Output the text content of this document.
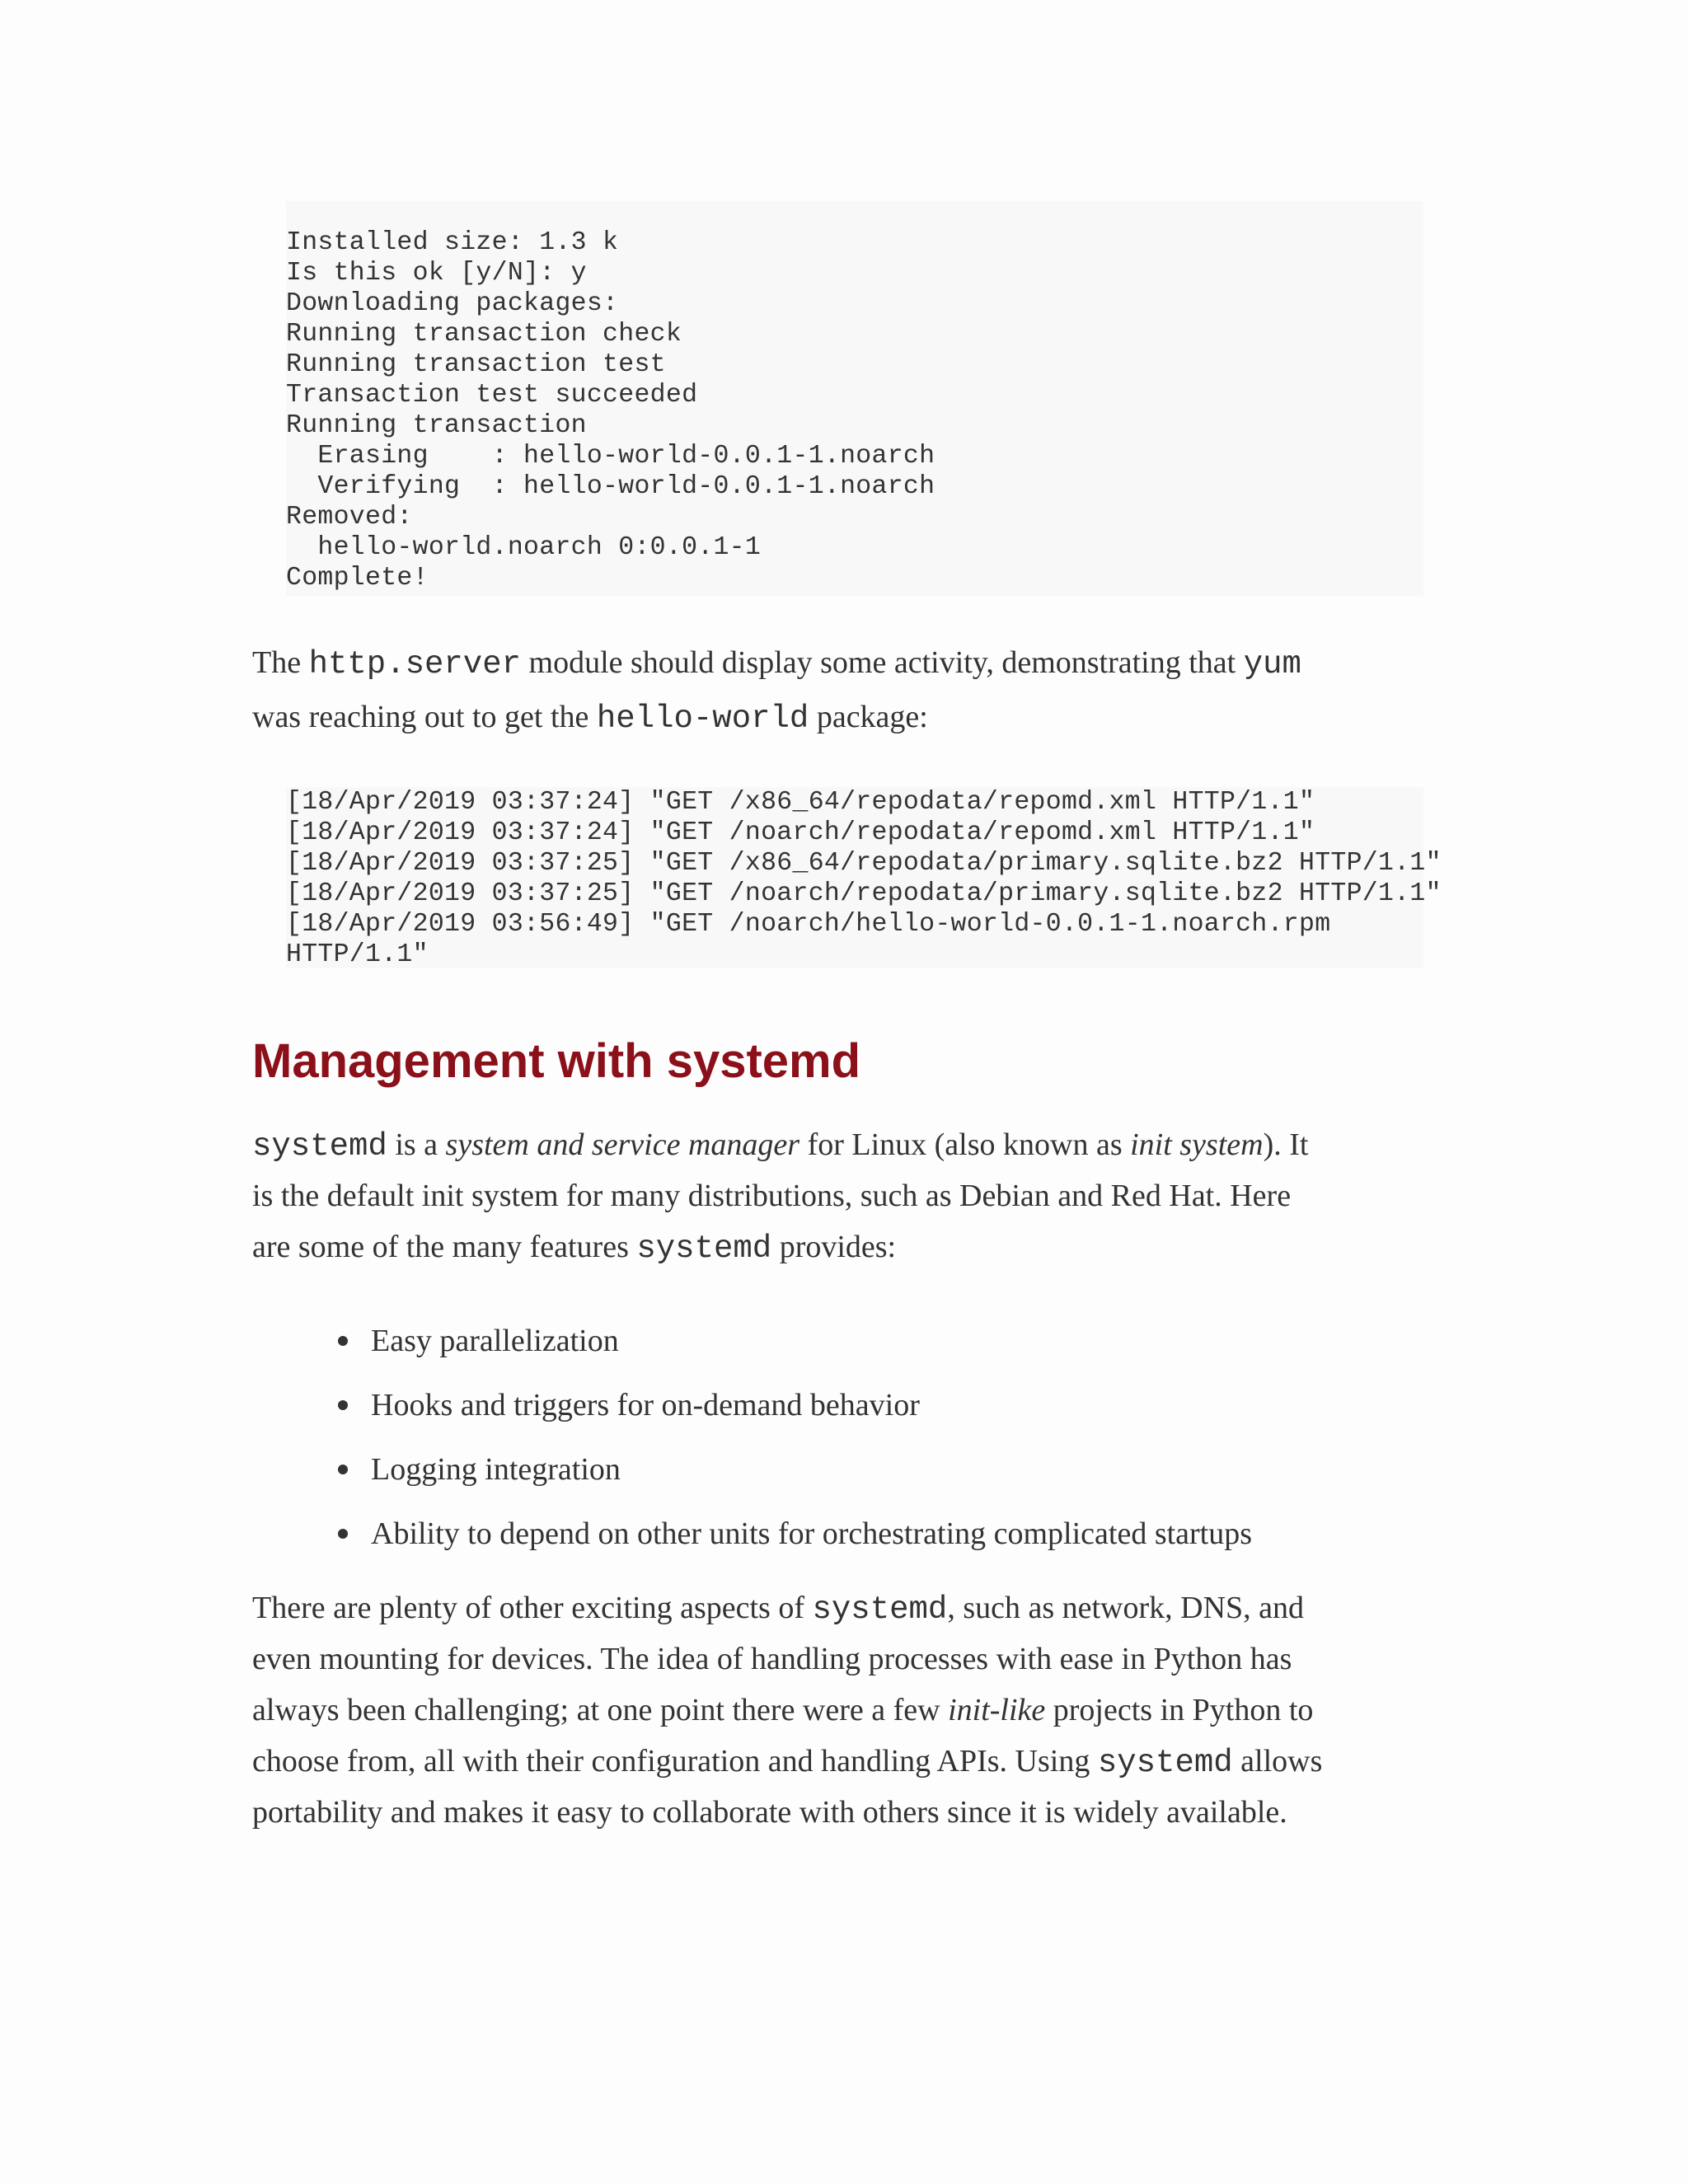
Installed size: 1.3 k
Is this ok [y/N]: y
Downloading packages:
Running transaction check
Running transaction test
Transaction test succeeded
Running transaction
Erasing    : hello-world-0.0.1-1.noarch
Verifying  : hello-world-0.0.1-1.noarch
Removed:
hello-world.noarch 0:0.0.1-1
Complete!
The http.server module should display some activity, demonstrating that yum
was reaching out to get the hello-world package:
[18/Apr/2019 03:37:24] "GET /x86_64/repodata/repomd.xml HTTP/1.1"
[18/Apr/2019 03:37:24] "GET /noarch/repodata/repomd.xml HTTP/1.1"
[18/Apr/2019 03:37:25] "GET /x86_64/repodata/primary.sqlite.bz2 HTTP/1.1"
[18/Apr/2019 03:37:25] "GET /noarch/repodata/primary.sqlite.bz2 HTTP/1.1"
[18/Apr/2019 03:56:49] "GET /noarch/hello-world-0.0.1-1.noarch.rpm
HTTP/1.1"
Management with systemd
systemd is a system and service manager for Linux (also known as init system). It
is the default init system for many distributions, such as Debian and Red Hat. Here
are some of the many features systemd provides:
Easy parallelization
Hooks and triggers for on-demand behavior
Logging integration
Ability to depend on other units for orchestrating complicated startups
There are plenty of other exciting aspects of systemd, such as network, DNS, and
even mounting for devices. The idea of handling processes with ease in Python has
always been challenging; at one point there were a few init-like projects in Python to
choose from, all with their configuration and handling APIs. Using systemd allows
portability and makes it easy to collaborate with others since it is widely available.
